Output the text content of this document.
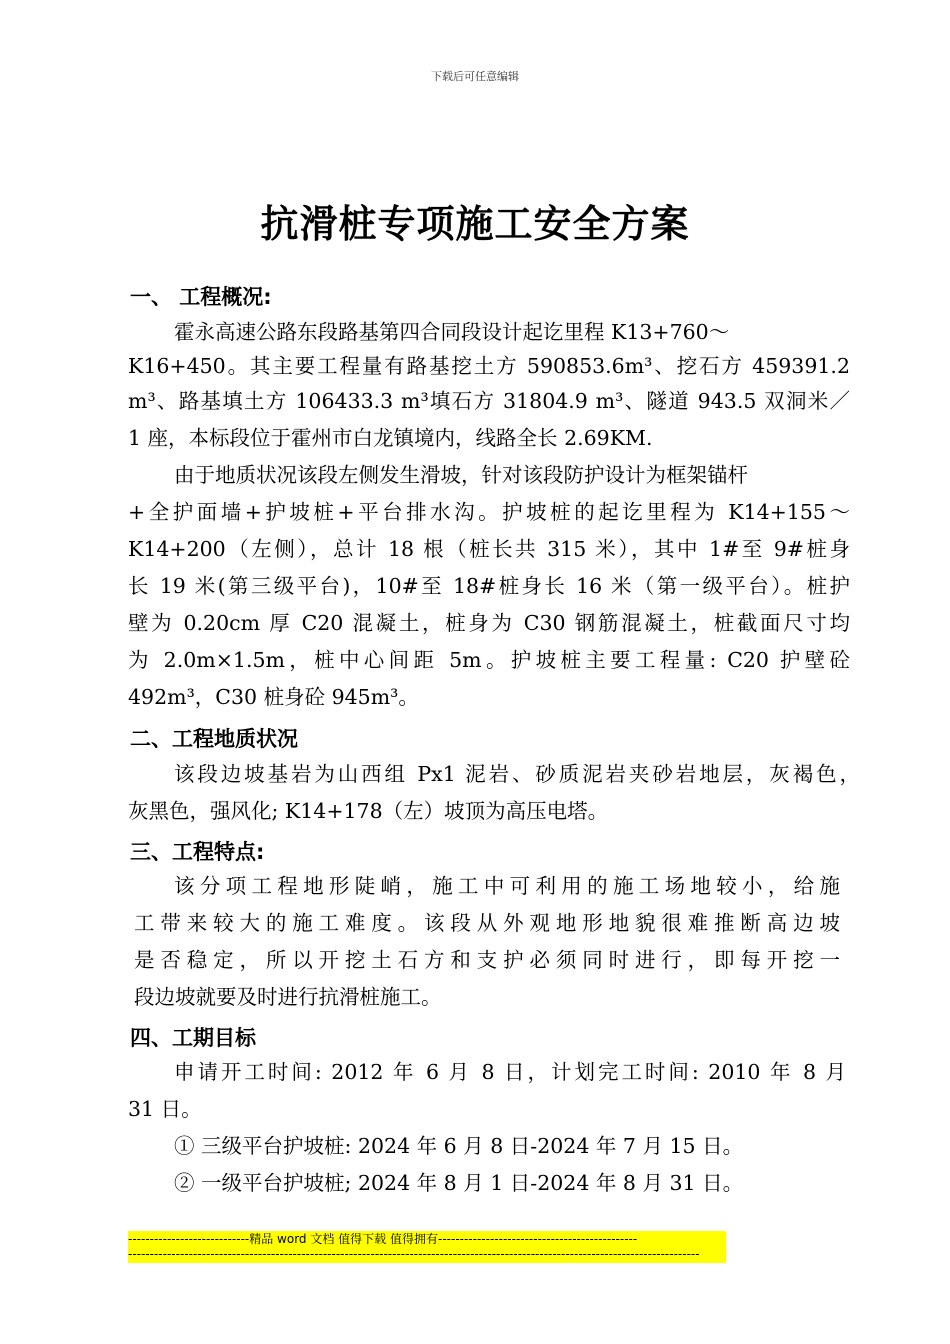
下载后可任意编辑
抗滑桩专项施工安全方案
一、 工程概况:
霍永高速公路东段路基第四合同段设计起讫里程 K13+760～
K16+450。其主要工程量有路基挖土方 590853.6m³、挖石方 459391.2
m³、路基填土方 106433.3 m³填石方 31804.9 m³、隧道 943.5 双洞米／
1 座，本标段位于霍州市白龙镇境内，线路全长 2.69KM.
由于地质状况该段左侧发生滑坡，针对该段防护设计为框架锚杆
+全护面墙+护坡桩+平台排水沟。护坡桩的起讫里程为 K14+155～
K14+200（左侧），总计 18 根（桩长共 315 米），其中 1#至 9#桩身
长 19 米(第三级平台)，10#至 18#桩身长 16 米（第一级平台）。桩护
壁为 0.20cm 厚 C20 混凝土，桩身为 C30 钢筋混凝土，桩截面尺寸均
为 2.0m×1.5m，桩中心间距 5m。护坡桩主要工程量: C20 护壁砼
492m³，C30 桩身砼 945m³。
二、工程地质状况
该段边坡基岩为山西组 Px1 泥岩、砂质泥岩夹砂岩地层，灰褐色，
灰黑色，强风化; K14+178（左）坡顶为高压电塔。
三、工程特点:
该分项工程地形陡峭，施工中可利用的施工场地较小，给施
工带来较大的施工难度。该段从外观地形地貌很难推断高边坡
是否稳定，所以开挖土石方和支护必须同时进行，即每开挖一
段边坡就要及时进行抗滑桩施工。
四、工期目标
申请开工时间: 2012 年 6 月 8 日，计划完工时间: 2010 年 8 月
31 日。
① 三级平台护坡桩: 2024 年 6 月 8 日-2024 年 7 月 15 日。
② 一级平台护坡桩; 2024 年 8 月 1 日-2024 年 8 月 31 日。
----------------------------精品 word 文档 值得下载 值得拥有----------------------------------------------
------------------------------------------------------------------------------------------------------------------------------------
